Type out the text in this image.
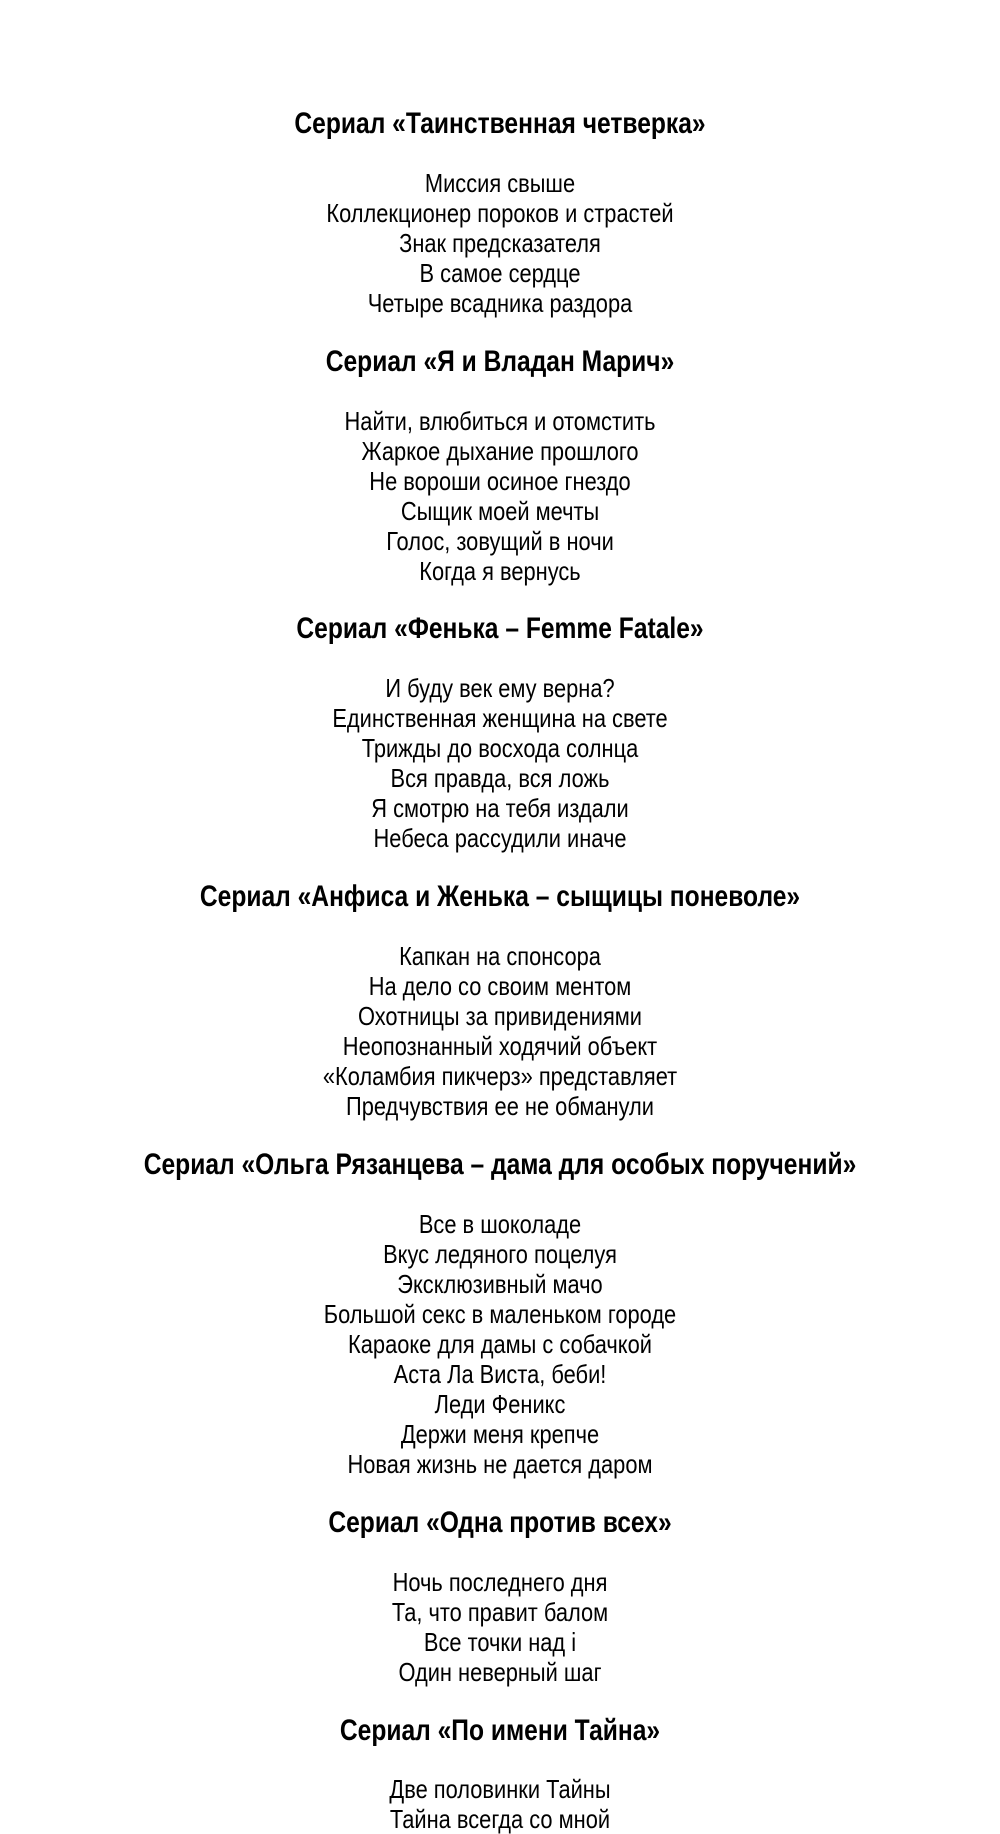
Сериал «Таинственная четверка»
Миссия свыше
Коллекционер пороков и страстей
Знак предсказателя
В самое сердце
Четыре всадника раздора
Сериал «Я и Владан Марич»
Найти, влюбиться и отомстить
Жаркое дыхание прошлого
Не вороши осиное гнездо
Сыщик моей мечты
Голос, зовущий в ночи
Когда я вернусь
Сериал «Фенька – Femme Fatale»
И буду век ему верна?
Единственная женщина на свете
Трижды до восхода солнца
Вся правда, вся ложь
Я смотрю на тебя издали
Небеса рассудили иначе
Сериал «Анфиса и Женька – сыщицы поневоле»
Капкан на спонсора
На дело со своим ментом
Охотницы за привидениями
Неопознанный ходячий объект
«Коламбия пикчерз» представляет
Предчувствия ее не обманули
Сериал «Ольга Рязанцева – дама для особых поручений»
Все в шоколаде
Вкус ледяного поцелуя
Эксклюзивный мачо
Большой секс в маленьком городе
Караоке для дамы с собачкой
Аста Ла Виста, беби!
Леди Феникс
Держи меня крепче
Новая жизнь не дается даром
Сериал «Одна против всех»
Ночь последнего дня
Та, что правит балом
Все точки над i
Один неверный шаг
Сериал «По имени Тайна»
Две половинки Тайны
Тайна всегда со мной
